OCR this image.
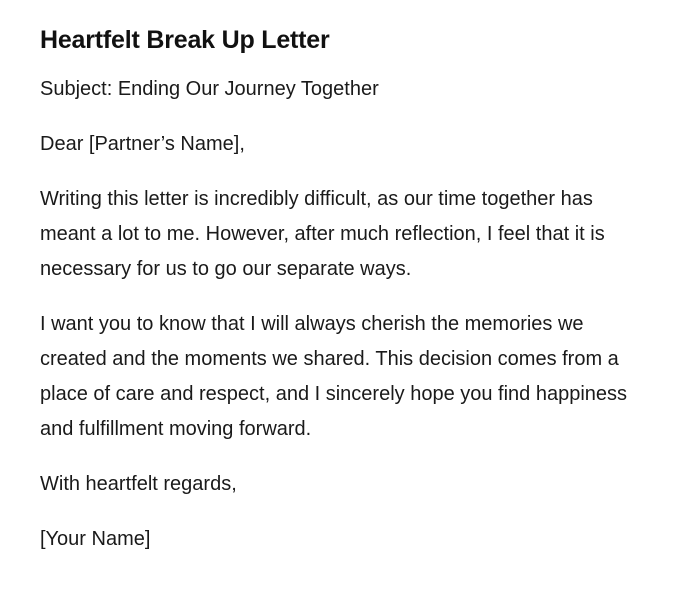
Heartfelt Break Up Letter

Subject: Ending Our Journey Together

Dear [Partner’s Name],

Writing this letter is incredibly difficult, as our time together has meant a lot to me. However, after much reflection, I feel that it is necessary for us to go our separate ways.

I want you to know that I will always cherish the memories we created and the moments we shared. This decision comes from a place of care and respect, and I sincerely hope you find happiness and fulfillment moving forward.

With heartfelt regards,

[Your Name]
